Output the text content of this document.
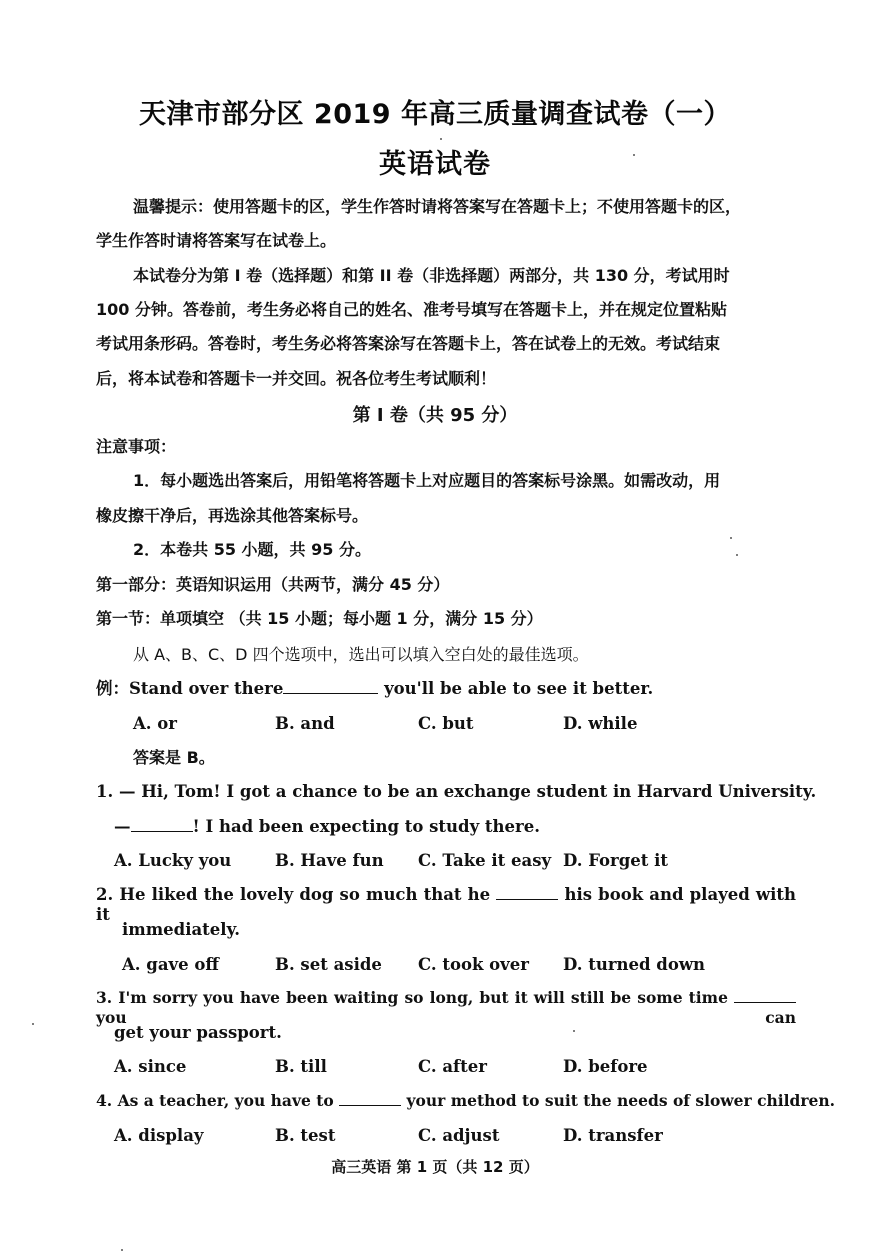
天津市部分区 2019 年高三质量调查试卷（一）
英语试卷
温馨提示：使用答题卡的区，学生作答时请将答案写在答题卡上；不使用答题卡的区，
学生作答时请将答案写在试卷上。
本试卷分为第 I 卷（选择题）和第 II 卷（非选择题）两部分，共 130 分，考试用时
100 分钟。答卷前，考生务必将自己的姓名、准考号填写在答题卡上，并在规定位置粘贴
考试用条形码。答卷时，考生务必将答案涂写在答题卡上，答在试卷上的无效。考试结束
后，将本试卷和答题卡一并交回。祝各位考生考试顺利！
第 I 卷（共 95 分）
注意事项：
1．每小题选出答案后，用铅笔将答题卡上对应题目的答案标号涂黑。如需改动，用
橡皮擦干净后，再选涂其他答案标号。
2．本卷共 55 小题，共 95 分。
第一部分：英语知识运用（共两节，满分 45 分）
第一节：单项填空 （共 15 小题；每小题 1 分，满分 15 分）
从 A、B、C、D 四个选项中，选出可以填入空白处的最佳选项。
例：Stand over there	you'll be able to see it better.
A. or	B. and	C. but	D. while
答案是 B。
1. — Hi, Tom! I got a chance to be an exchange student in Harvard University.
—	! I had been expecting to study there.
A. Lucky you	B. Have fun C. Take it easy D. Forget it
2. He liked the lovely dog so much that he	his book and played with it
immediately.
A. gave off	B. set aside C. took over D. turned down
3. I'm sorry you have been waiting so long, but it will still be some time  you can
get your passport.
A. since	B. till	C. after	D. before
4. As a teacher, you have to	your method to suit the needs of slower children.
A. display	B. test	C. adjust	D. transfer
高三英语 第 1 页（共 12 页）
